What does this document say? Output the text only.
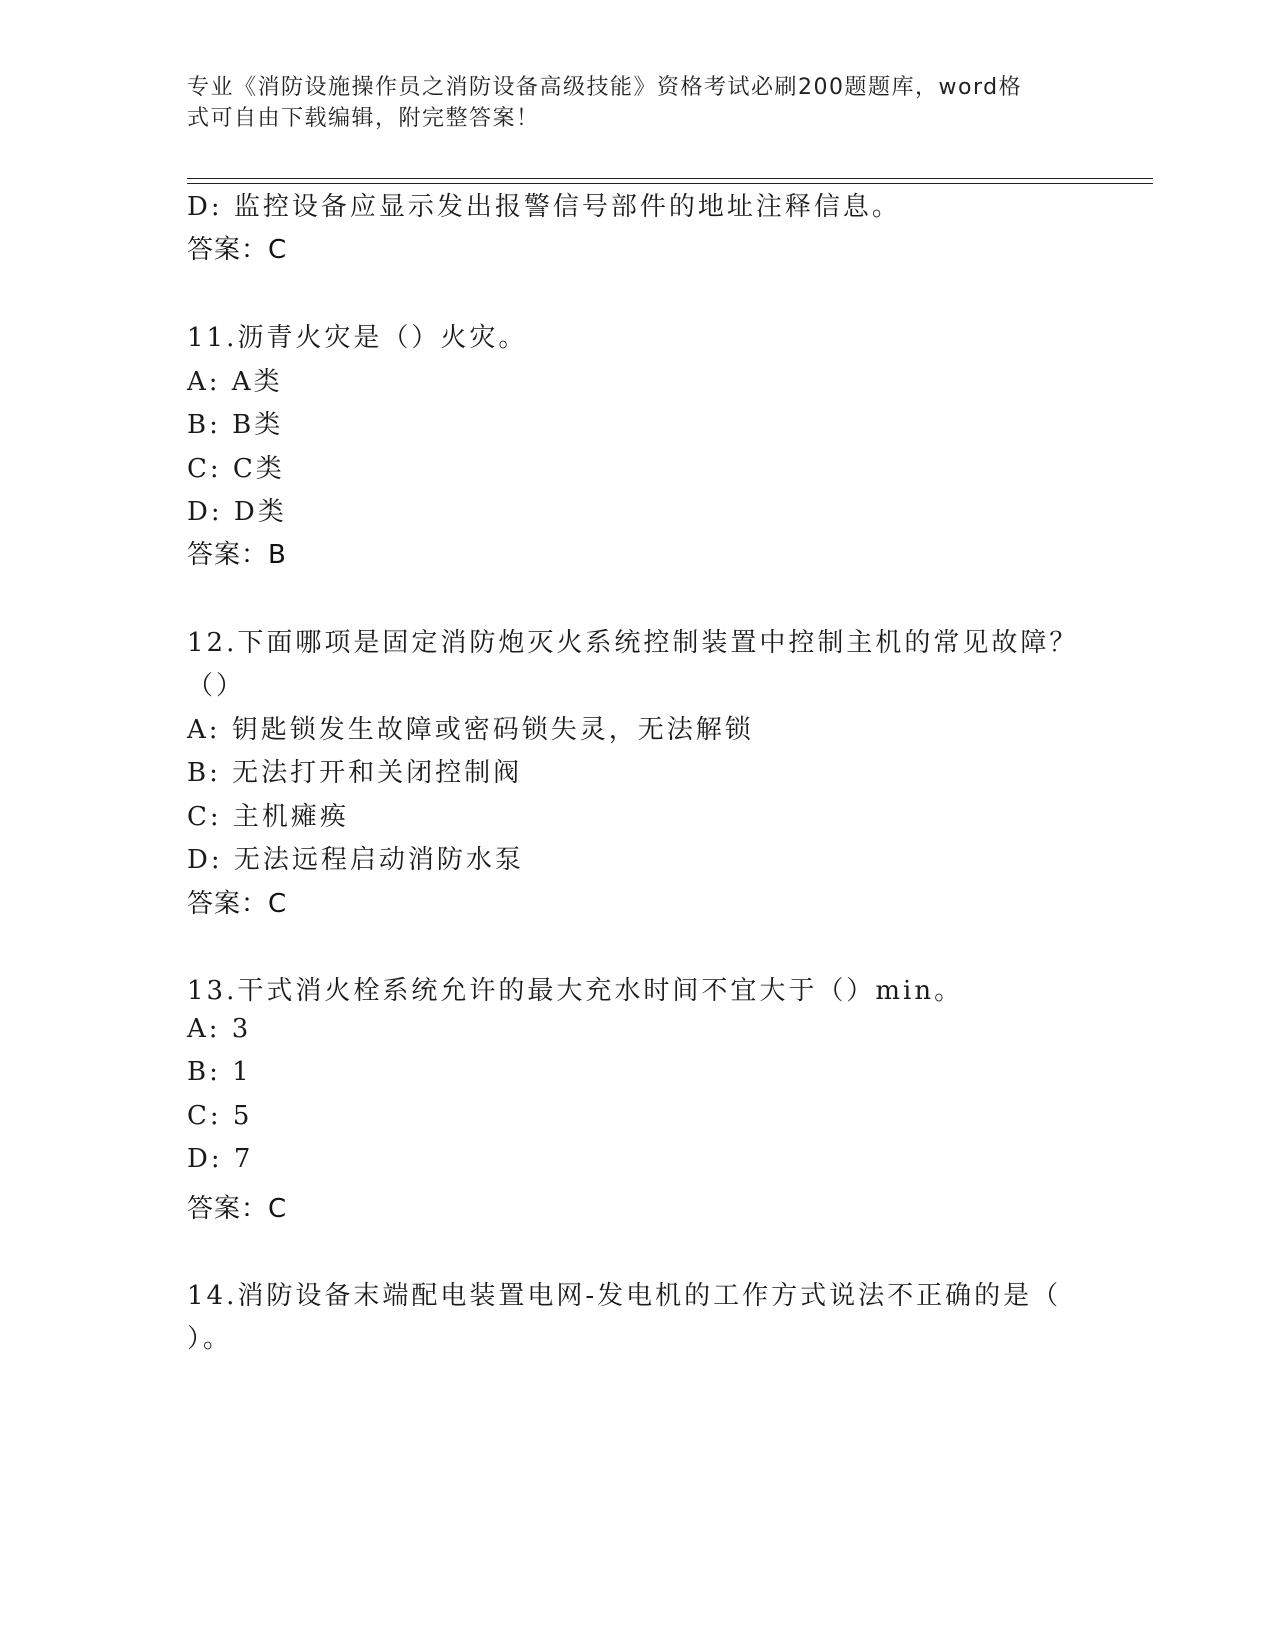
专业《消防设施操作员之消防设备高级技能》资格考试必刷200题题库，word格
式可自由下载编辑，附完整答案！
D: 监控设备应显示发出报警信号部件的地址注释信息。
答案：C
11.沥青火灾是（）火灾。
A: A类
B: B类
C: C类
D: D类
答案：B
12.下面哪项是固定消防炮灭火系统控制装置中控制主机的常见故障？
（）
A: 钥匙锁发生故障或密码锁失灵，无法解锁
B: 无法打开和关闭控制阀
C: 主机瘫痪
D: 无法远程启动消防水泵
答案：C
13.干式消火栓系统允许的最大充水时间不宜大于（）min。
A: 3
B: 1
C: 5
D: 7
答案：C
14.消防设备末端配电装置电网-发电机的工作方式说法不正确的是（
）。
